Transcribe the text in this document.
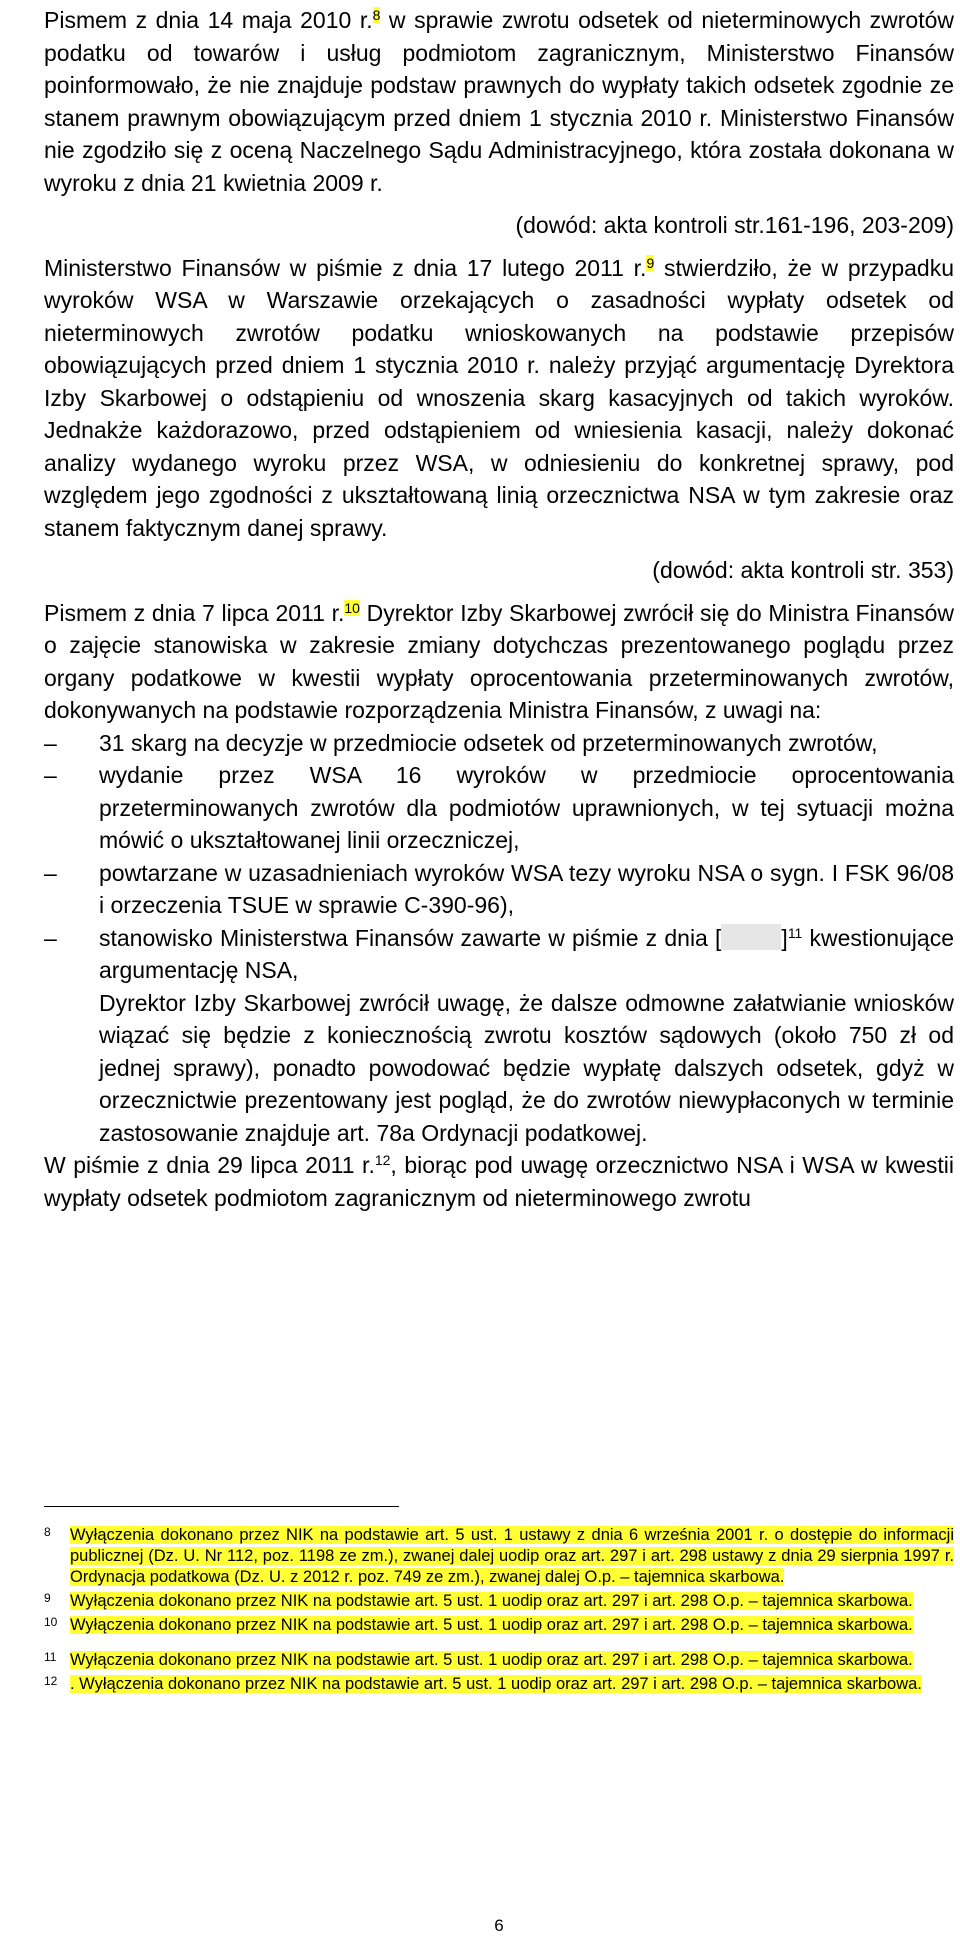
Pismem z dnia 14 maja 2010 r.$^8$ w sprawie zwrotu odsetek od nieterminowych zwrotów podatku od towarów i usług podmiotom zagranicznym, Ministerstwo Finansów poinformowało, że nie znajduje podstaw prawnych do wypłaty takich odsetek zgodnie ze stanem prawnym obowiązującym przed dniem 1 stycznia 2010 r. Ministerstwo Finansów nie zgodziło się z oceną Naczelnego Sądu Administracyjnego, która została dokonana w wyroku z dnia 21 kwietnia 2009 r.

(dowód: akta kontroli str.161-196, 203-209)

Ministerstwo Finansów w piśmie z dnia 17 lutego 2011 r.$^9$ stwierdziło, że w przypadku wyroków WSA w Warszawie orzekających o zasadności wypłaty odsetek od nieterminowych zwrotów podatku wnioskowanych na podstawie przepisów obowiązujących przed dniem 1 stycznia 2010 r. należy przyjąć argumentację Dyrektora Izby Skarbowej o odstąpieniu od wnoszenia skarg kasacyjnych od takich wyroków. Jednakże każdorazowo, przed odstąpieniem od wniesienia kasacji, należy dokonać analizy wydanego wyroku przez WSA, w odniesieniu do konkretnej sprawy, pod względem jego zgodności z ukształtowaną linią orzecznictwa NSA w tym zakresie oraz stanem faktycznym danej sprawy.

(dowód: akta kontroli str. 353)

Pismem z dnia 7 lipca 2011 r.$^{10}$ Dyrektor Izby Skarbowej zwrócił się do Ministra Finansów o zajęcie stanowiska w zakresie zmiany dotychczas prezentowanego poglądu przez organy podatkowe w kwestii wypłaty oprocentowania przeterminowanych zwrotów, dokonywanych na podstawie rozporządzenia Ministra Finansów, z uwagi na:

–	31 skarg na decyzje w przedmiocie odsetek od przeterminowanych zwrotów,
–	wydanie przez WSA 16 wyroków w przedmiocie oprocentowania przeterminowanych zwrotów dla podmiotów uprawnionych, w tej sytuacji można mówić o ukształtowanej linii orzeczniczej,
–	powtarzane w uzasadnieniach wyroków WSA tezy wyroku NSA o sygn. I FSK 96/08 i orzeczenia TSUE w sprawie C-390-96),
–	stanowisko Ministerstwa Finansów zawarte w piśmie z dnia [	]$^{11}$ kwestionujące argumentację NSA,
Dyrektor Izby Skarbowej zwrócił uwagę, że dalsze odmowne załatwianie wniosków wiązać się będzie z koniecznością zwrotu kosztów sądowych (około 750 zł od jednej sprawy), ponadto powodować będzie wypłatę dalszych odsetek, gdyż w orzecznictwie prezentowany jest pogląd, że do zwrotów niewypłaconych w terminie zastosowanie znajduje art. 78a Ordynacji podatkowej.

W piśmie z dnia 29 lipca 2011 r.$^{12}$, biorąc pod uwagę orzecznictwo NSA i WSA w kwestii wypłaty odsetek podmiotom zagranicznym od nieterminowego zwrotu

8 Wyłączenia dokonano przez NIK na podstawie art. 5 ust. 1 ustawy z dnia 6 września 2001 r. o dostępie do informacji publicznej (Dz. U. Nr 112, poz. 1198 ze zm.), zwanej dalej uodip oraz art. 297 i art. 298 ustawy z dnia 29 sierpnia 1997 r. Ordynacja podatkowa (Dz. U. z 2012 r. poz. 749 ze zm.), zwanej dalej O.p. – tajemnica skarbowa.
9 Wyłączenia dokonano przez NIK na podstawie art. 5 ust. 1 uodip oraz art. 297 i art. 298 O.p. – tajemnica skarbowa.
10 Wyłączenia dokonano przez NIK na podstawie art. 5 ust. 1 uodip oraz art. 297 i art. 298 O.p. – tajemnica skarbowa.
11 Wyłączenia dokonano przez NIK na podstawie art. 5 ust. 1 uodip oraz art. 297 i art. 298 O.p. – tajemnica skarbowa.
12 . Wyłączenia dokonano przez NIK na podstawie art. 5 ust. 1 uodip oraz art. 297 i art. 298 O.p. – tajemnica skarbowa.
6
